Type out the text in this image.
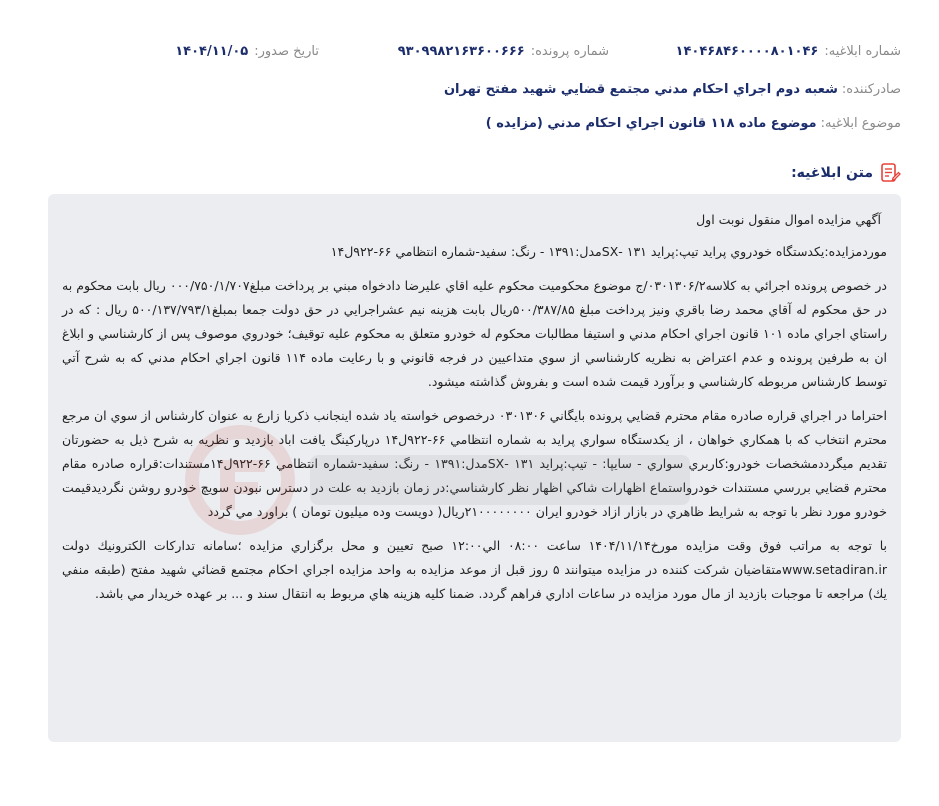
شماره ابلاغیه:۱۴۰۴۶۸۴۶۰۰۰۰۸۰۱۰۴۶
شماره پرونده:۹۳۰۹۹۸۲۱۶۳۶۰۰۶۶۶
تاریخ صدور:۱۴۰۴/۱۱/۰۵
صادرکننده:شعبه دوم اجراي احکام مدني مجتمع قضايي شهيد مفتح تهران
موضوع ابلاغیه:موضوع ماده ۱۱۸ قانون اجراي احكام مدني (مزايده )
متن ابلاغیه:

آگهي مزايده اموال منقول نوبت اول

موردمزايده:يكدستگاه خودروي پرايد تيپ:پرايد ۱۳۱ -SXمدل:۱۳۹۱ - رنگ: سفيد-شماره انتظامي ۶۶-۹۲۲ل۱۴

در خصوص پرونده اجرائي به كلاسه۰۳۰۱۳۰۶/۲/ج موضوع محكوميت محكوم عليه اقاي عليرضا دادخواه مبني بر پرداخت مبلغ۰۰۰/۷۵۰/۱/۷۰۷ ريال بابت محكوم به در حق محكوم له آقاي محمد رضا باقري ونيز پرداخت مبلغ ۵۰۰/۳۸۷/۸۵ريال بابت هزينه نيم عشراجرايي در حق دولت جمعا بمبلغ۵۰۰/۱۳۷/۷۹۳/۱ ريال : كه در راستاي اجراي ماده ۱۰۱ قانون اجراي احكام مدني و استيفا مطالبات محكوم له خودرو متعلق به محكوم عليه توقيف؛ خودروي موصوف پس از كارشناسي و ابلاغ ان به طرفين پرونده و عدم اعتراض به نظريه كارشناسي از سوي متداعيين در فرجه قانوني و با رعايت ماده ۱۱۴ قانون اجراي احكام مدني كه به شرح آتي توسط كارشناس مربوطه كارشناسي و برآورد قيمت شده است و بفروش گذاشته ميشود.

احتراما در اجراي قراره صادره مقام محترم قضايي پرونده بايگاني ۰۳۰۱۳۰۶ درخصوص خواسته ياد شده اينجانب ذكريا زارع به عنوان كارشناس از سوي ان مرجع محترم انتخاب كه با همكاري خواهان ، از يكدستگاه سواري پرايد به شماره انتظامي ۶۶-۹۲۲ل۱۴ درپاركينگ يافت اباد بازديد و نظريه به شرح ذيل به حضورتان تقديم ميگرددمشخصات خودرو:كاربري سواري - سايپا: - تيپ:پرايد ۱۳۱ -SXمدل:۱۳۹۱ - رنگ: سفيد-شماره انتظامي ۶۶-۹۲۲ل۱۴مستندات:قراره صادره مقام محترم قضايي بررسي مستندات خودرواستماع اظهارات شاكي اظهار نظر كارشناسي:در زمان بازديد به علت در دسترس نبودن سويچ خودرو روشن نگرديدقيمت خودرو مورد نظر با توجه به شرايط ظاهري در بازار ازاد خودرو ايران ۲۱۰۰۰۰۰۰۰۰ريال( دويست وده ميليون تومان ) براورد مي گردد

با توجه به مراتب فوق وقت مزايده مورخ۱۴۰۴/۱۱/۱۴ ساعت ۰۸:۰۰ الي۱۲:۰۰ صبح تعيين و محل برگزاري مزايده ؛سامانه تداركات الكترونيك دولت www.setadiran.irمتقاضيان شركت كننده در مزايده ميتوانند ۵ روز قبل از موعد مزايده به واحد مزايده اجراي احكام مجتمع قضائي شهيد مفتح (طبقه منفي يك) مراجعه تا موجبات بازديد از مال مورد مزايده در ساعات اداري فراهم گردد. ضمنا كليه هزينه هاي مربوط به انتقال سند و ... بر عهده خريدار مي باشد.
